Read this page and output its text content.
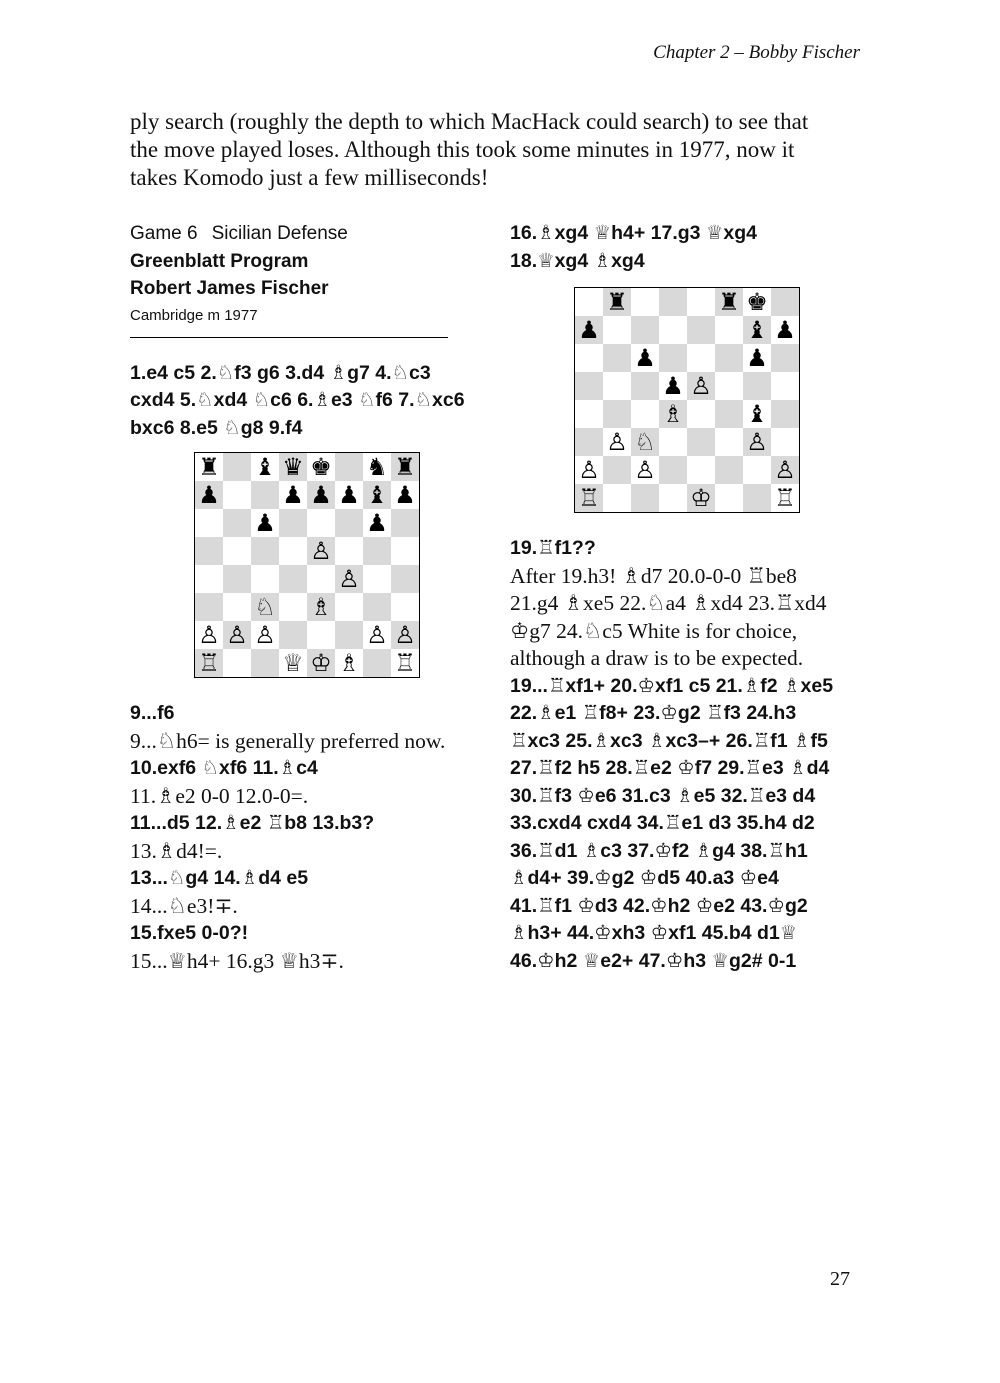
Chapter 2 – Bobby Fischer
ply search (roughly the depth to which MacHack could search) to see that
the move played loses. Although this took some minutes in 1977, now it
takes Komodo just a few milliseconds!
Game 6 Sicilian Defense
Greenblatt Program
Robert James Fischer
Cambridge m 1977
1.e4 c5 2.♘f3 g6 3.d4 ♗g7 4.♘c3
cxd4 5.♘xd4 ♘c6 6.♗e3 ♘f6 7.♘xc6
bxc6 8.e5 ♘g8 9.f4
♜ ♝ ♛ ♚ ♞ ♜
♟	♟ ♟ ♟ ♝ ♟
♟	♟
♙
♙
♘ ♗
♙ ♙ ♙	♙ ♙
♖	♕ ♔ ♗ ♖
9...f6
9...♘h6= is generally preferred now.
10.exf6 ♘xf6 11.♗c4
11.♗e2 0-0 12.0-0=.
11...d5 12.♗e2 ♖b8 13.b3?
13.♗d4!=.
13...♘g4 14.♗d4 e5
14...♘e3!∓.
15.fxe5 0-0?!
15...♕h4+ 16.g3 ♕h3∓.
16.♗xg4 ♕h4+ 17.g3 ♕xg4
18.♕xg4 ♗xg4
♜	♜ ♚
♟	♝ ♟
♟	♟
♟ ♙
♗	♝
♙ ♘	♙
♙ ♙	♙
♖	♔	♖
19.♖f1??
After 19.h3! ♗d7 20.0-0-0 ♖be8
21.g4 ♗xe5 22.♘a4 ♗xd4 23.♖xd4
♔g7 24.♘c5 White is for choice,
although a draw is to be expected.
19...♖xf1+ 20.♔xf1 c5 21.♗f2 ♗xe5
22.♗e1 ♖f8+ 23.♔g2 ♖f3 24.h3
♖xc3 25.♗xc3 ♗xc3–+ 26.♖f1 ♗f5
27.♖f2 h5 28.♖e2 ♔f7 29.♖e3 ♗d4
30.♖f3 ♔e6 31.c3 ♗e5 32.♖e3 d4
33.cxd4 cxd4 34.♖e1 d3 35.h4 d2
36.♖d1 ♗c3 37.♔f2 ♗g4 38.♖h1
♗d4+ 39.♔g2 ♔d5 40.a3 ♔e4
41.♖f1 ♔d3 42.♔h2 ♔e2 43.♔g2
♗h3+ 44.♔xh3 ♔xf1 45.b4 d1♕
46.♔h2 ♕e2+ 47.♔h3 ♕g2# 0-1
27
